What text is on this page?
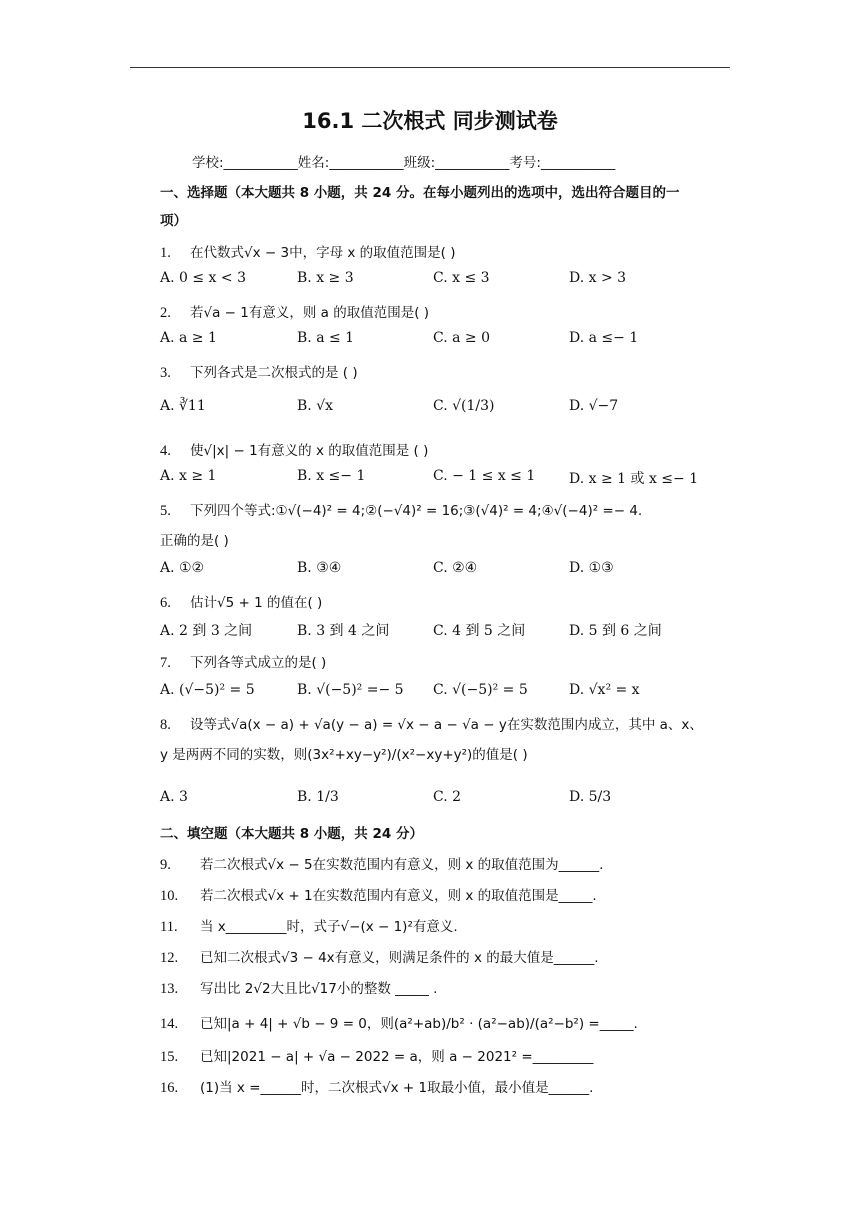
16.1 二次根式 同步测试卷
学校:___________姓名:___________班级:___________考号:___________
一、选择题（本大题共 8 小题，共 24 分。在每小题列出的选项中，选出符合题目的一
项）
1. 在代数式√x − 3中，字母 x 的取值范围是( )
A. 0 ≤ x < 3	B. x ≥ 3	C. x ≤ 3	D. x > 3
2. 若√a − 1有意义，则 a 的取值范围是( )
A. a ≥ 1	B. a ≤ 1	C. a ≥ 0	D. a ≤− 1
3. 下列各式是二次根式的是 ( )
A. ∛11	B. √x	C. √(1/3)	D. √−7
4. 使√|x| − 1有意义的 x 的取值范围是 ( )
A. x ≥ 1	B. x ≤− 1	C. − 1 ≤ x ≤ 1 D. x ≥ 1 或 x ≤− 1
5. 下列四个等式:①√(−4)² = 4;②(−√4)² = 16;③(√4)² = 4;④√(−4)² =− 4.
正确的是( )
A. ①②	B. ③④	C. ②④	D. ①③
6. 估计√5 + 1 的值在( )
A. 2 到 3 之间	B. 3 到 4 之间	C. 4 到 5 之间	D. 5 到 6 之间
7. 下列各等式成立的是( )
A. (√−5)² = 5	B. √(−5)² =− 5 C. √(−5)² = 5	D. √x² = x
8. 设等式√a(x − a) + √a(y − a) = √x − a − √a − y在实数范围内成立，其中 a、x、
y 是两两不同的实数，则(3x²+xy−y²)/(x²−xy+y²)的值是( )
A. 3	B. 1/3	C. 2	D. 5/3
二、填空题（本大题共 8 小题，共 24 分）
9. 若二次根式√x − 5在实数范围内有意义，则 x 的取值范围为______.
10. 若二次根式√x + 1在实数范围内有意义，则 x 的取值范围是_____.
11. 当 x_________时，式子√−(x − 1)²有意义.
12. 已知二次根式√3 − 4x有意义，则满足条件的 x 的最大值是______.
13. 写出比 2√2大且比√17小的整数 _____ .
14. 已知|a + 4| + √b − 9 = 0，则(a²+ab)/b² · (a²−ab)/(a²−b²) =_____.
15. 已知|2021 − a| + √a − 2022 = a，则 a − 2021² =_________
16. (1)当 x =______时，二次根式√x + 1取最小值，最小值是______.
